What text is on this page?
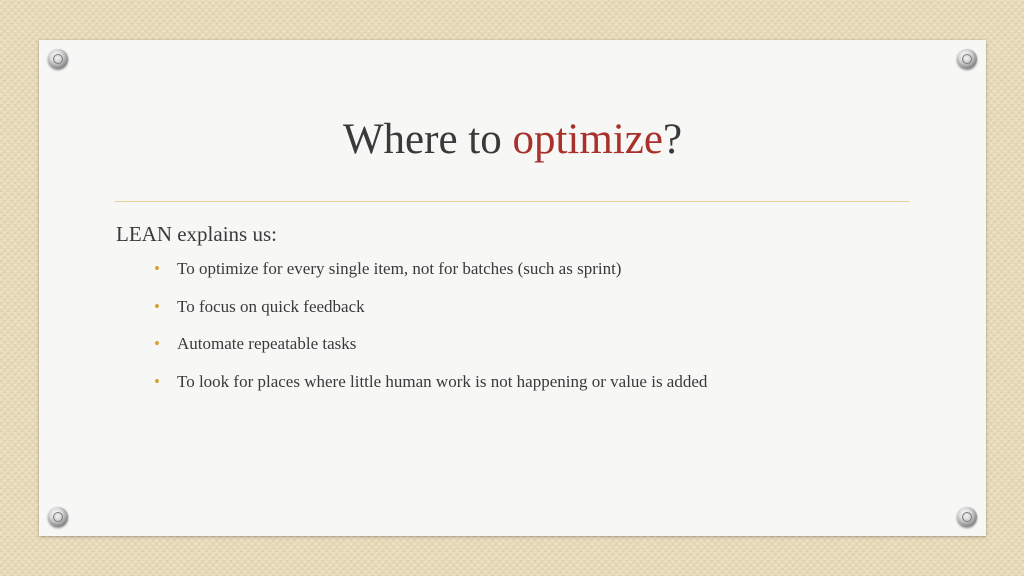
Where to optimize?

LEAN explains us:

• To optimize for every single item, not for batches (such as sprint)
• To focus on quick feedback
• Automate repeatable tasks
• To look for places where little human work is not happening or value is added
